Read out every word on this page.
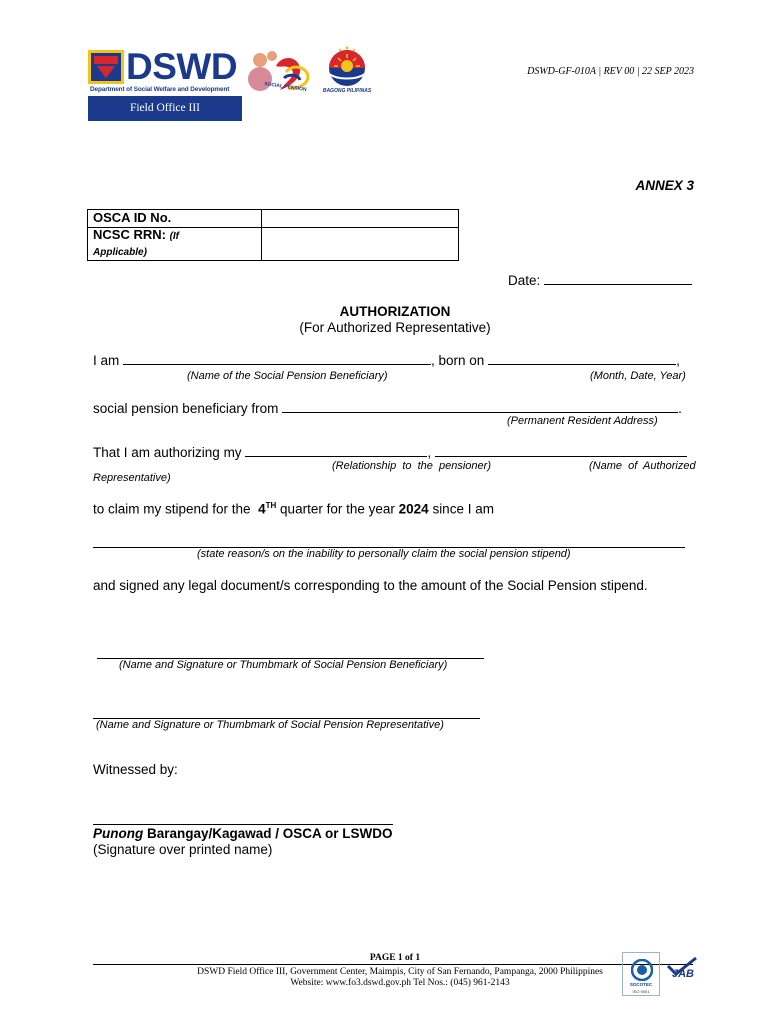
DSWD
Department of Social Welfare and Development
Field Office III
SOCIAL PENSION	BAGONG PILIPINAS
DSWD-GF-010A | REV 00 | 22 SEP 2023
ANNEX 3
OSCA ID No.	
NCSC RRN: (If
Applicable)	
Date:
AUTHORIZATION
(For Authorized Representative)
I am	, born on	,
(Name of the Social Pension Beneficiary)	(Month, Date, Year)
social pension beneficiary from	.
(Permanent Resident Address)
That I am authorizing my	,
(Relationship  to  the  pensioner)	(Name  of  Authorized
Representative)
to claim my stipend for the 4TH quarter for the year 2024 since I am
(state reason/s on the inability to personally claim the social pension stipend)
and signed any legal document/s corresponding to the amount of the Social Pension stipend.
(Name and Signature or Thumbmark of Social Pension Beneficiary)
(Name and Signature or Thumbmark of Social Pension Representative)
Witnessed by:
Punong Barangay/Kagawad / OSCA or LSWDO
(Signature over printed name)
PAGE 1 of 1
DSWD Field Office III, Government Center, Maimpis, City of San Fernando, Pampanga, 2000 Philippines
Website: www.fo3.dswd.gov.ph Tel Nos.: (045) 961-2143	SOCOTEC
ISO 9001
JAB
